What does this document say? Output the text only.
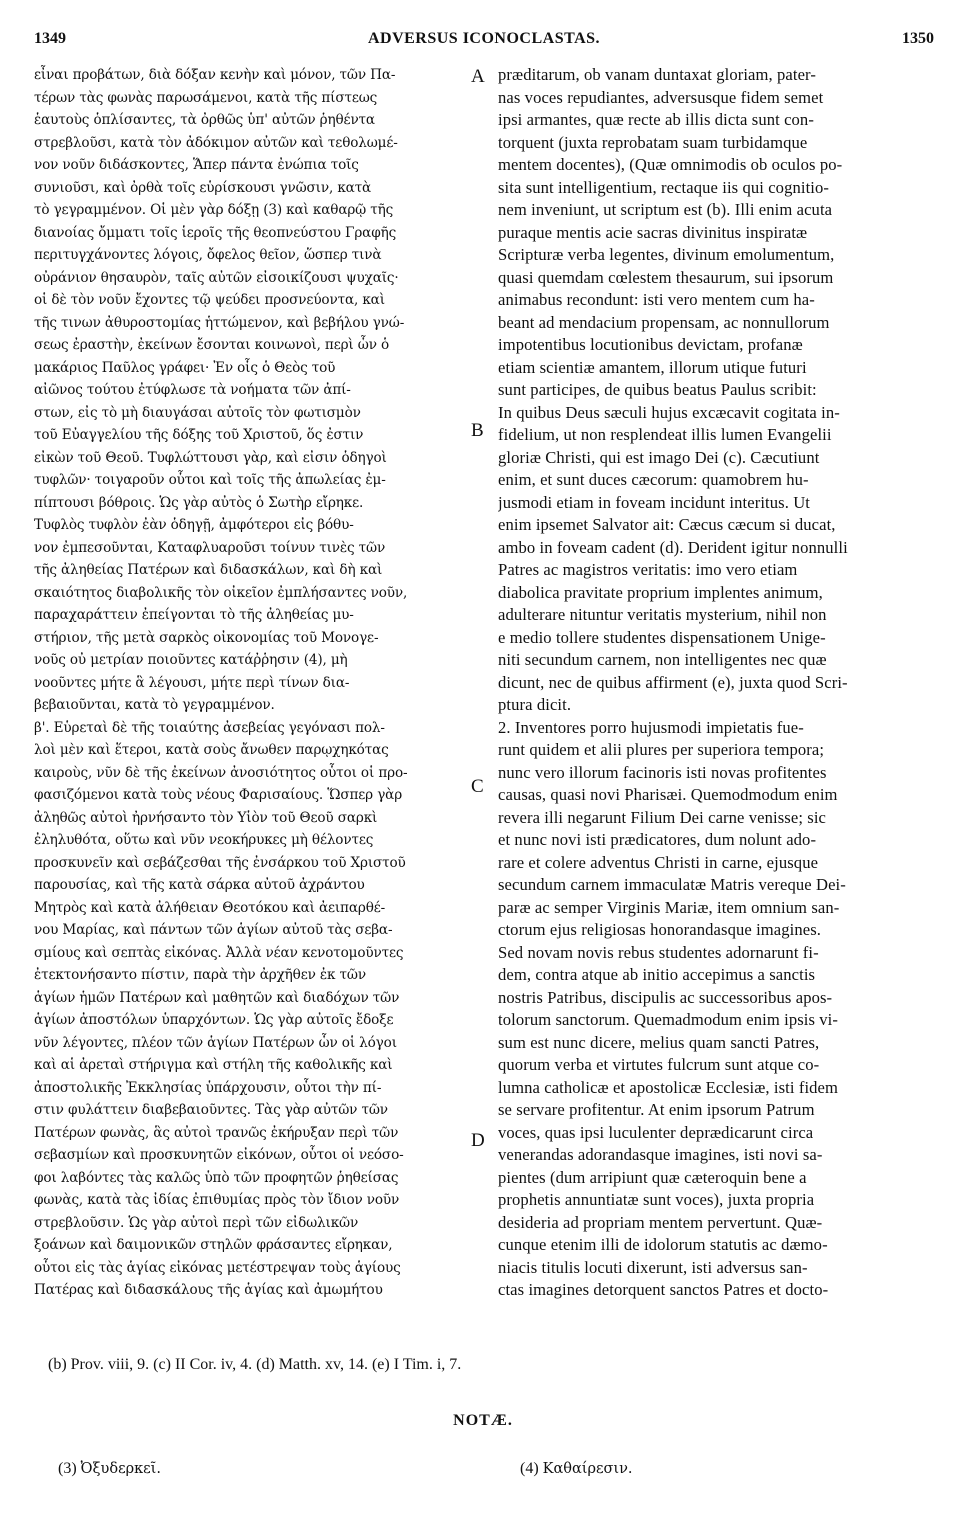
1349	ADVERSUS ICONOCLASTAS.	1350
εἶναι προβάτων, διὰ δόξαν κενὴν καὶ μόνον, τῶν Πα-
τέρων τὰς φωνὰς παρωσάμενοι, κατὰ τῆς πίστεως
ἑαυτοὺς ὁπλίσαντες, τὰ ὀρθῶς ὑπ' αὐτῶν ῥηθέντα
στρεβλοῦσι, κατὰ τὸν ἀδόκιμον αὐτῶν καὶ τεθολωμέ-
νον νοῦν διδάσκοντες, Ἅπερ πάντα ἐνώπια τοῖς
συνιοῦσι, καὶ ὀρθὰ τοῖς εὑρίσκουσι γνῶσιν, κατὰ
τὸ γεγραμμένον. Οἱ μὲν γὰρ δόξῃ (3) καὶ καθαρῷ τῆς
διανοίας ὄμματι τοῖς ἱεροῖς τῆς θεοπνεύστου Γραφῆς
περιτυγχάνοντες λόγοις, ὄφελος θεῖον, ὥσπερ τινὰ
οὐράνιον θησαυρὸν, ταῖς αὐτῶν εἰσοικίζουσι ψυχαῖς·
οἱ δὲ τὸν νοῦν ἔχοντες τῷ ψεύδει προσνεύοντα, καὶ
τῆς τινων ἀθυροστομίας ἡττώμενον, καὶ βεβήλου γνώ-
σεως ἐραστὴν, ἐκείνων ἔσονται κοινωνοὶ, περὶ ὧν ὁ
μακάριος Παῦλος γράφει· Ἐν οἷς ὁ Θεὸς τοῦ
αἰῶνος τούτου ἐτύφλωσε τὰ νοήματα τῶν ἀπί-
στων, εἰς τὸ μὴ διαυγάσαι αὐτοῖς τὸν φωτισμὸν
τοῦ Εὐαγγελίου τῆς δόξης τοῦ Χριστοῦ, ὅς ἐστιν
εἰκὼν τοῦ Θεοῦ. Τυφλώττουσι γὰρ, καὶ εἰσιν ὁδηγοὶ
τυφλῶν· τοιγαροῦν οὗτοι καὶ τοῖς τῆς ἀπωλείας ἐμ-
πίπτουσι βόθροις. Ὡς γὰρ αὐτὸς ὁ Σωτὴρ εἴρηκε.
Τυφλὸς τυφλὸν ἐὰν ὁδηγῇ, ἀμφότεροι εἰς βόθυ-
νον ἐμπεσοῦνται, Καταφλυαροῦσι τοίνυν τινὲς τῶν
τῆς ἀληθείας Πατέρων καὶ διδασκάλων, καὶ δὴ καὶ
σκαιότητος διαβολικῆς τὸν οἰκεῖον ἐμπλήσαντες νοῦν,
παραχαράττειν ἐπείγονται τὸ τῆς ἀληθείας μυ-
στήριον, τῆς μετὰ σαρκὸς οἰκονομίας τοῦ Μονογε-
νοῦς οὐ μετρίαν ποιοῦντες κατάῤῥησιν (4), μὴ
νοοῦντες μήτε ἃ λέγουσι, μήτε περὶ τίνων δια-
βεβαιοῦνται, κατὰ τὸ γεγραμμένον.
β'. Εὑρεταὶ δὲ τῆς τοιαύτης ἀσεβείας γεγόνασι πολ-
λοὶ μὲν καὶ ἕτεροι, κατὰ σοὺς ἄνωθεν παρῳχηκότας
καιροὺς, νῦν δὲ τῆς ἐκείνων ἀνοσιότητος οὗτοι οἱ προ-
φασιζόμενοι κατὰ τοὺς νέους Φαρισαίους. Ὥσπερ γὰρ
ἀληθῶς αὐτοὶ ἠρνήσαντο τὸν Υἱὸν τοῦ Θεοῦ σαρκὶ
ἐληλυθότα, οὕτω καὶ νῦν νεοκήρυκες μὴ θέλοντες
προσκυνεῖν καὶ σεβάζεσθαι τῆς ἐνσάρκου τοῦ Χριστοῦ
παρουσίας, καὶ τῆς κατὰ σάρκα αὐτοῦ ἀχράντου
Μητρὸς καὶ κατὰ ἀλήθειαν Θεοτόκου καὶ ἀειπαρθέ-
νου Μαρίας, καὶ πάντων τῶν ἁγίων αὐτοῦ τὰς σεβα-
σμίους καὶ σεπτὰς εἰκόνας. Ἀλλὰ νέαν κενοτομοῦντες
ἐτεκτονήσαντο πίστιν, παρὰ τὴν ἀρχῆθεν ἐκ τῶν
ἁγίων ἡμῶν Πατέρων καὶ μαθητῶν καὶ διαδόχων τῶν
ἁγίων ἀποστόλων ὑπαρχόντων. Ὡς γὰρ αὐτοῖς ἔδοξε
νῦν λέγοντες, πλέον τῶν ἁγίων Πατέρων ὧν οἱ λόγοι
καὶ αἱ ἀρεταὶ στήριγμα καὶ στήλη τῆς καθολικῆς καὶ
ἀποστολικῆς Ἐκκλησίας ὑπάρχουσιν, οὗτοι τὴν πί-
στιν φυλάττειν διαβεβαιοῦντες. Τὰς γὰρ αὐτῶν τῶν
Πατέρων φωνὰς, ἃς αὐτοὶ τρανῶς ἐκήρυξαν περὶ τῶν
σεβασμίων καὶ προσκυνητῶν εἰκόνων, οὗτοι οἱ νεόσο-
φοι λαβόντες τὰς καλῶς ὑπὸ τῶν προφητῶν ῥηθείσας
φωνὰς, κατὰ τὰς ἰδίας ἐπιθυμίας πρὸς τὸν ἴδιον νοῦν
στρεβλοῦσιν. Ὡς γὰρ αὐτοὶ περὶ τῶν εἰδωλικῶν
ξοάνων καὶ δαιμονικῶν στηλῶν φράσαντες εἴρηκαν,
οὗτοι εἰς τὰς ἁγίας εἰκόνας μετέστρεψαν τοὺς ἁγίους
Πατέρας καὶ διδασκάλους τῆς ἁγίας καὶ ἀμωμήτου
præditarum, ob vanam duntaxat gloriam, pater-
nas voces repudiantes, adversusque fidem semet
ipsi armantes, quæ recte ab illis dicta sunt con-
torquent (juxta reprobatam suam turbidamque
mentem docentes), (Quæ omnimodis ob oculos po-
sita sunt intelligentium, rectaque iis qui cognitio-
nem inveniunt, ut scriptum est (b). Illi enim acuta
puraque mentis acie sacras divinitus inspiratæ
Scripturæ verba legentes, divinum emolumentum,
quasi quemdam cœlestem thesaurum, sui ipsorum
animabus recondunt: isti vero mentem cum ha-
beant ad mendacium propensam, ac nonnullorum
impotentibus locutionibus devictam, profanæ
etiam scientiæ amantem, illorum utique futuri
sunt participes, de quibus beatus Paulus scribit:
In quibus Deus sæculi hujus excæcavit cogitata in-
fidelium, ut non resplendeat illis lumen Evangelii
gloriæ Christi, qui est imago Dei (c). Cæcutiunt
enim, et sunt duces cæcorum: quamobrem hu-
jusmodi etiam in foveam incidunt interitus. Ut
enim ipsemet Salvator ait: Cæcus cæcum si ducat,
ambo in foveam cadent (d). Derident igitur nonnulli
Patres ac magistros veritatis: imo vero etiam
diabolica pravitate proprium implentes animum,
adulterare nituntur veritatis mysterium, nihil non
e medio tollere studentes dispensationem Unige-
niti secundum carnem, non intelligentes nec quæ
dicunt, nec de quibus affirment (e), juxta quod Scri-
ptura dicit.
2. Inventores porro hujusmodi impietatis fue-
runt quidem et alii plures per superiora tempora;
nunc vero illorum facinoris isti novas profitentes
causas, quasi novi Pharisæi. Quemodmodum enim
revera illi negarunt Filium Dei carne venisse; sic
et nunc novi isti prædicatores, dum nolunt ado-
rare et colere adventus Christi in carne, ejusque
secundum carnem immaculatæ Matris vereque Dei-
paræ ac semper Virginis Mariæ, item omnium san-
ctorum ejus religiosas honorandasque imagines.
Sed novam novis rebus studentes adornarunt fi-
dem, contra atque ab initio accepimus a sanctis
nostris Patribus, discipulis ac successoribus apos-
tolorum sanctorum. Quemadmodum enim ipsis vi-
sum est nunc dicere, melius quam sancti Patres,
quorum verba et virtutes fulcrum sunt atque co-
lumna catholicæ et apostolicæ Ecclesiæ, isti fidem
se servare profitentur. At enim ipsorum Patrum
voces, quas ipsi luculenter deprædicarunt circa
venerandas adorandasque imagines, isti novi sa-
pientes (dum arripiunt quæ cæteroquin bene a
prophetis annuntiatæ sunt voces), juxta propria
desideria ad propriam mentem pervertunt. Quæ-
cunque etenim illi de idolorum statutis ac dæmo-
niacis titulis locuti dixerunt, isti adversus san-
ctas imagines detorquent sanctos Patres et docto-
A
B
C
D
(b) Prov. viii, 9. (c) II Cor. iv, 4. (d) Matth. xv, 14. (e) I Tim. i, 7.
NOTÆ.
(3) Ὀξυδερκεῖ.	(4) Καθαίρεσιν.
